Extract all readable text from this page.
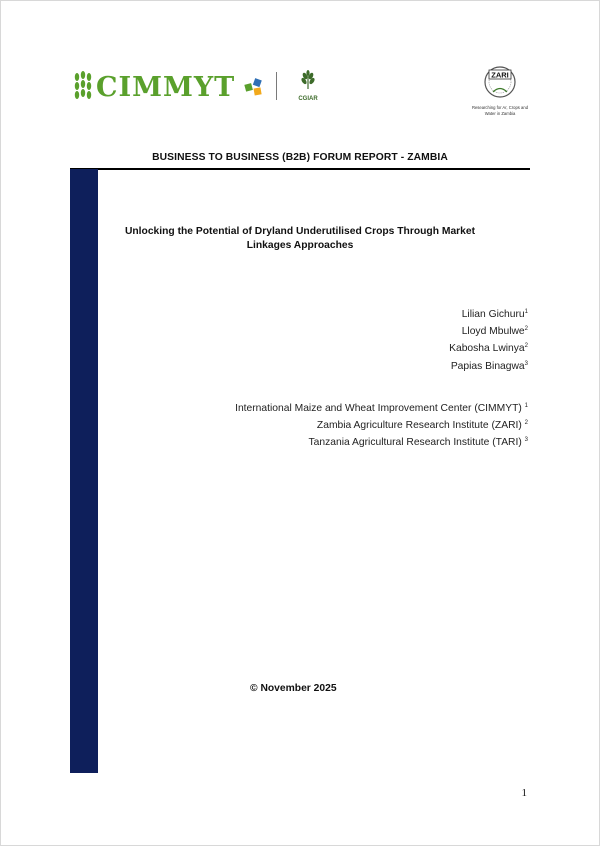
CIMMYT	CGIAR
ZARI
Researching for Ar, Crops and
Water in Zambia
BUSINESS TO BUSINESS (B2B) FORUM REPORT - ZAMBIA
Unlocking the Potential of Dryland Underutilised Crops Through Market
Linkages Approaches
Lilian Gichuru$^1$
Lloyd Mbulwe$^2$
Kabosha Lwinya$^2$
Papias Binagwa$^3$
International Maize and Wheat Improvement Center (CIMMYT) $^1$
Zambia Agriculture Research Institute (ZARI) $^2$
Tanzania Agricultural Research Institute (TARI) $^3$
© November 2025
1
